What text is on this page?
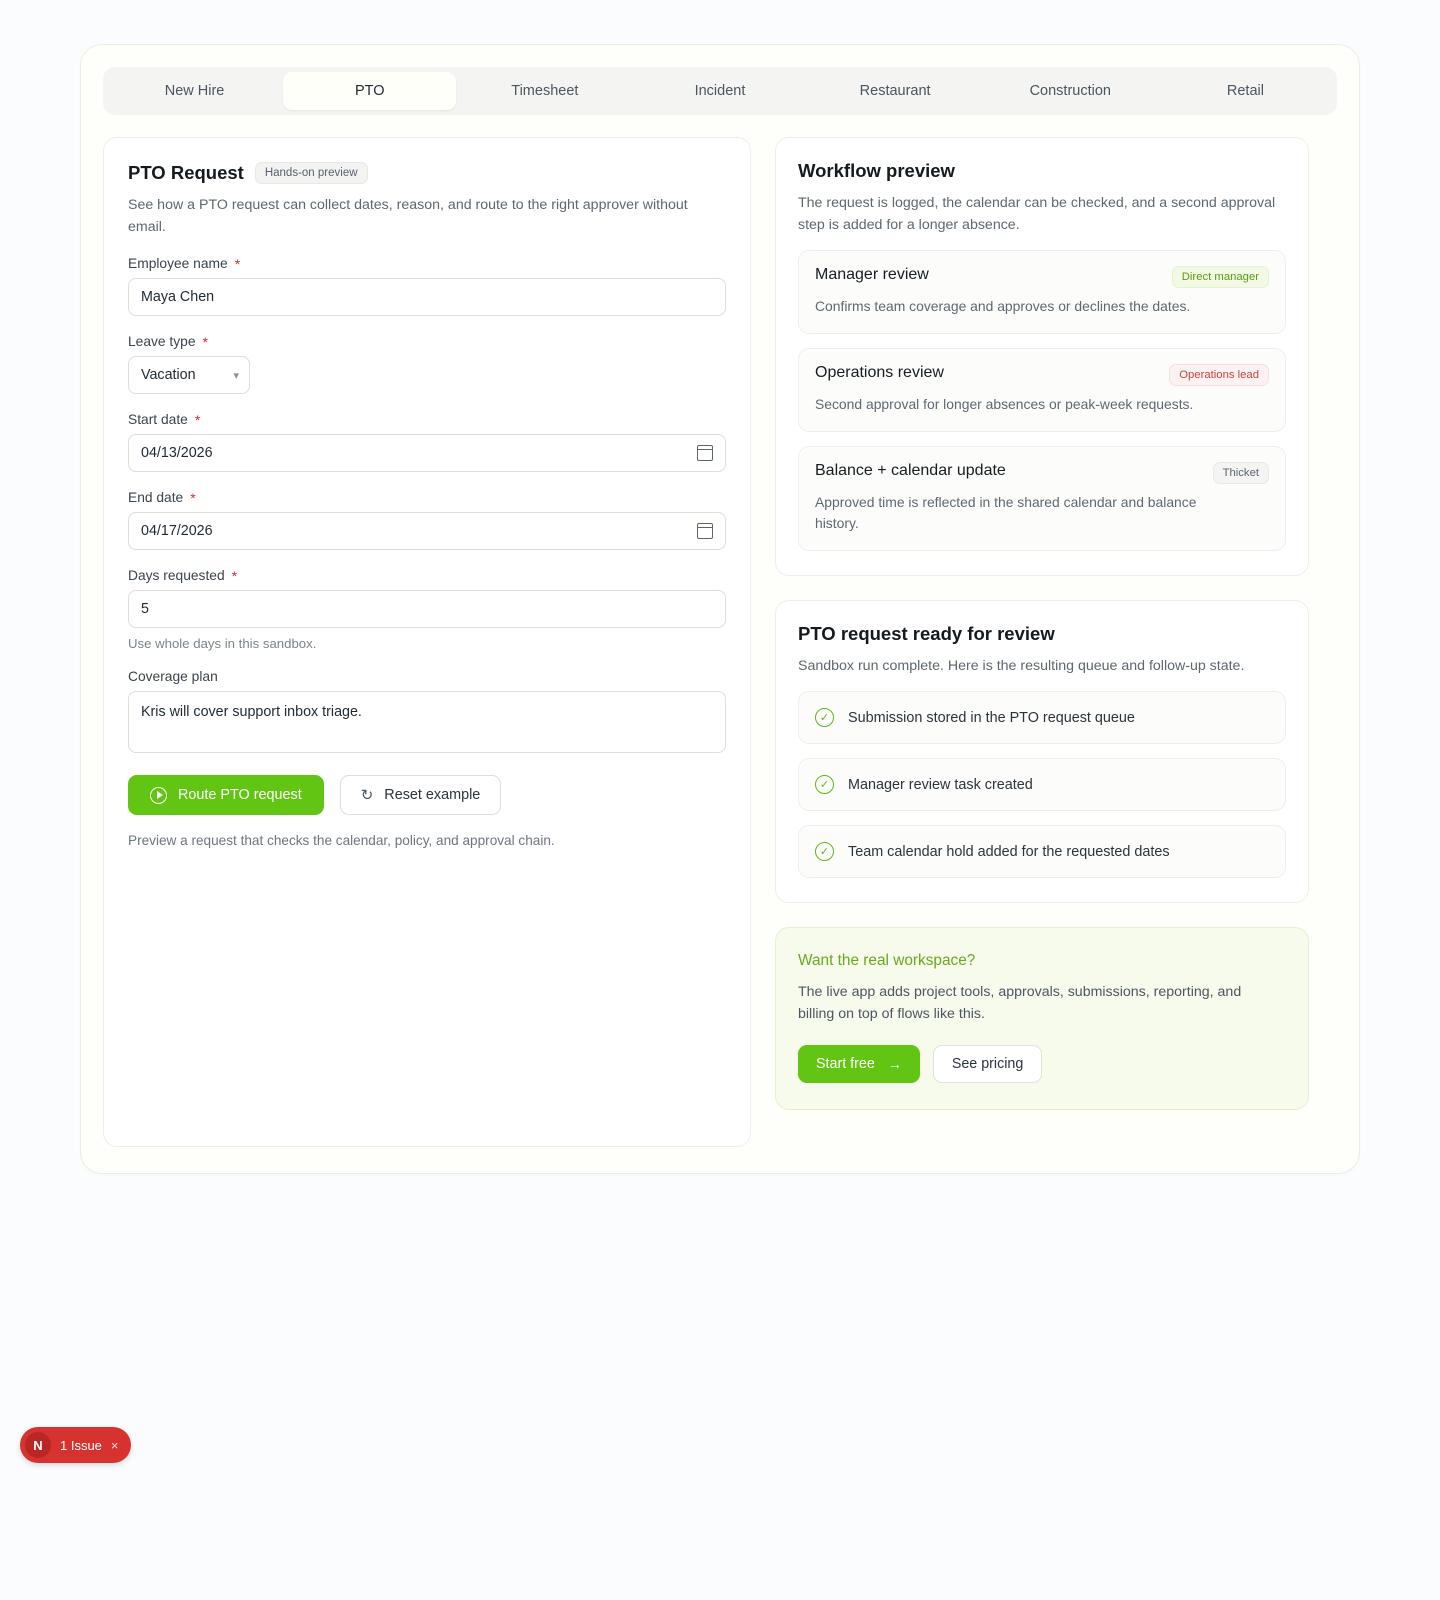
New Hire	PTO	Timesheet	Incident	Restaurant	Construction	Retail
PTO Request	Hands-on preview

See how a PTO request can collect dates, reason, and route to the right approver without email.

Employee name *
Maya Chen
Leave type *
Vacation	▾
Start date *
04/13/2026
End date *
04/17/2026
Days requested *
5
Use whole days in this sandbox.
Coverage plan
Kris will cover support inbox triage.
Route PTO request	↻ Reset example
Preview a request that checks the calendar, policy, and approval chain.
Workflow preview

The request is logged, the calendar can be checked, and a second approval step is added for a longer absence.

Manager review	Direct manager
Confirms team coverage and approves or declines the dates.
Operations review	Operations lead
Second approval for longer absences or peak-week requests.
Balance + calendar update	Thicket
Approved time is reflected in the shared calendar and balance history.
PTO request ready for review

Sandbox run complete. Here is the resulting queue and follow-up state.

✓	Submission stored in the PTO request queue
✓	Manager review task created
✓	Team calendar hold added for the requested dates
Want the real workspace?

The live app adds project tools, approvals, submissions, reporting, and billing on top of flows like this.

Start free →	See pricing
N	1 Issue ×
